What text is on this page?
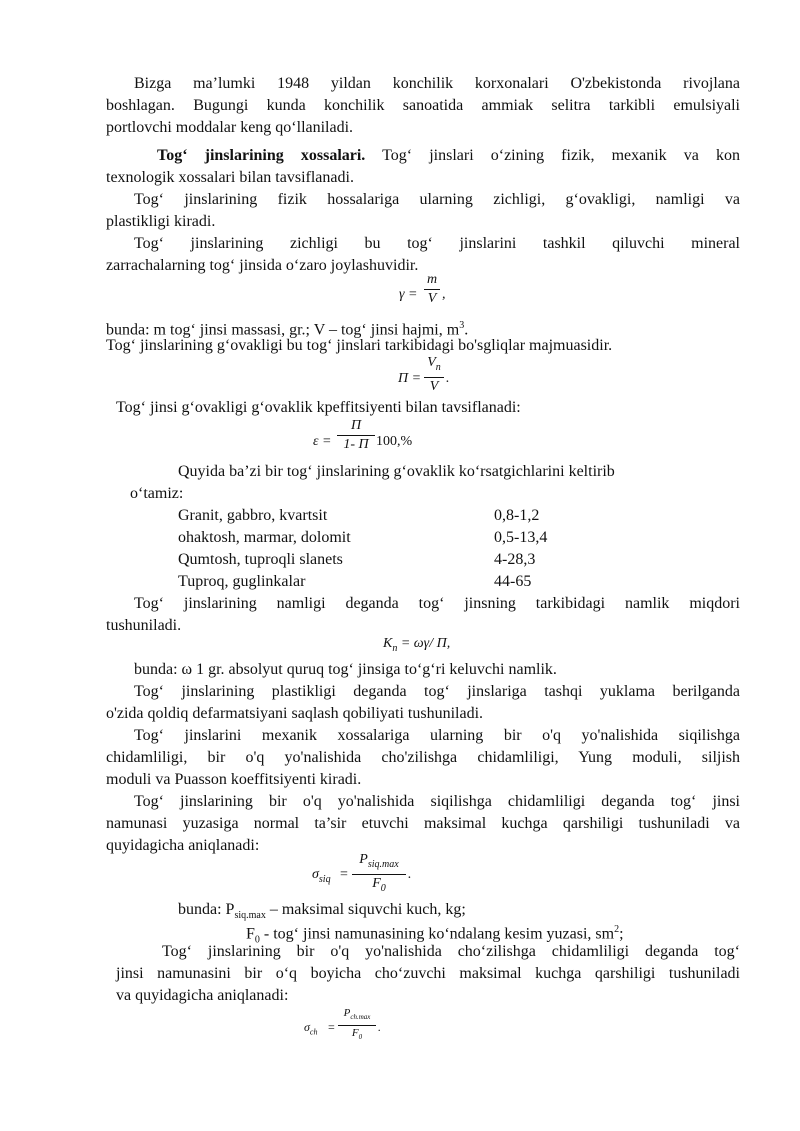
Bizga ma’lumki 1948 yildan konchilik korxonalari O'zbekistonda rivojlana
boshlagan. Bugungi kunda konchilik sanoatida ammiak selitra tarkibli emulsiyali
portlovchi moddalar keng qo‘llaniladi.
Tog‘ jinslarining xossalari. Tog‘ jinslari o‘zining fizik, mexanik va kon
texnologik xossalari bilan tavsiflanadi.
Tog‘ jinslarining fizik hossalariga ularning zichligi, g‘ovakligi, namligi va
plastikligi kiradi.
Tog‘ jinslarining zichligi bu tog‘ jinslarini tashkil qiluvchi mineral
zarrachalarning tog‘ jinsida o‘zaro joylashuvidir.
γ =
m
V ,
bunda: m tog‘ jinsi massasi, gr.; V – tog‘ jinsi hajmi, $m^3$.
Tog‘ jinslarining g‘ovakligi bu tog‘ jinslari tarkibidagi bo'sgliqlar majmuasidir.
Π =
$V_n$
V
.
Tog‘ jinsi g‘ovakligi g‘ovaklik kpeffitsiyenti bilan tavsiflanadi:
ε =
Π
1- Π 100,%
Quyida ba’zi bir tog‘ jinslarining g‘ovaklik ko‘rsatgichlarini keltirib
o‘tamiz:
Granit, gabbro, kvartsit	0,8-1,2
ohaktosh, marmar, dolomit	0,5-13,4
Qumtosh, tuproqli slanets	4-28,3
Tuproq, guglinkalar	44-65
Tog‘ jinslarining namligi deganda tog‘ jinsning tarkibidagi namlik miqdori
tushuniladi.
$K_n = \omega\gamma/$ Π,
bunda: ω 1 gr. absolyut quruq tog‘ jinsiga to‘g‘ri keluvchi namlik.
Tog‘ jinslarining plastikligi deganda tog‘ jinslariga tashqi yuklama berilganda
o'zida qoldiq defarmatsiyani saqlash qobiliyati tushuniladi.
Tog‘ jinslarini mexanik xossalariga ularning bir o'q yo'nalishida siqilishga
chidamliligi, bir o'q yo'nalishida cho'zilishga chidamliligi, Yung moduli, siljish
moduli va Puasson koeffitsiyenti kiradi.
Tog‘ jinslarining bir o'q yo'nalishida siqilishga chidamliligi deganda tog‘ jinsi
namunasi yuzasiga normal ta’sir etuvchi maksimal kuchga qarshiligi tushuniladi va
quyidagicha aniqlanadi:
$\sigma_{siq}$ =
$P_{siq.max}$
$F_0$
.
bunda: $P_{siq.max}$ – maksimal siquvchi kuch, kg;
$F_0$ - tog‘ jinsi namunasining ko‘ndalang kesim yuzasi, $sm^2$;
Tog‘ jinslarining bir o'q yo'nalishida cho‘zilishga chidamliligi deganda tog‘
jinsi namunasini bir o‘q boyicha cho‘zuvchi maksimal kuchga qarshiligi tushuniladi
va quyidagicha aniqlanadi:
$\sigma_{ch}$ =
$P_{ch.max}$
$F_0$
.
